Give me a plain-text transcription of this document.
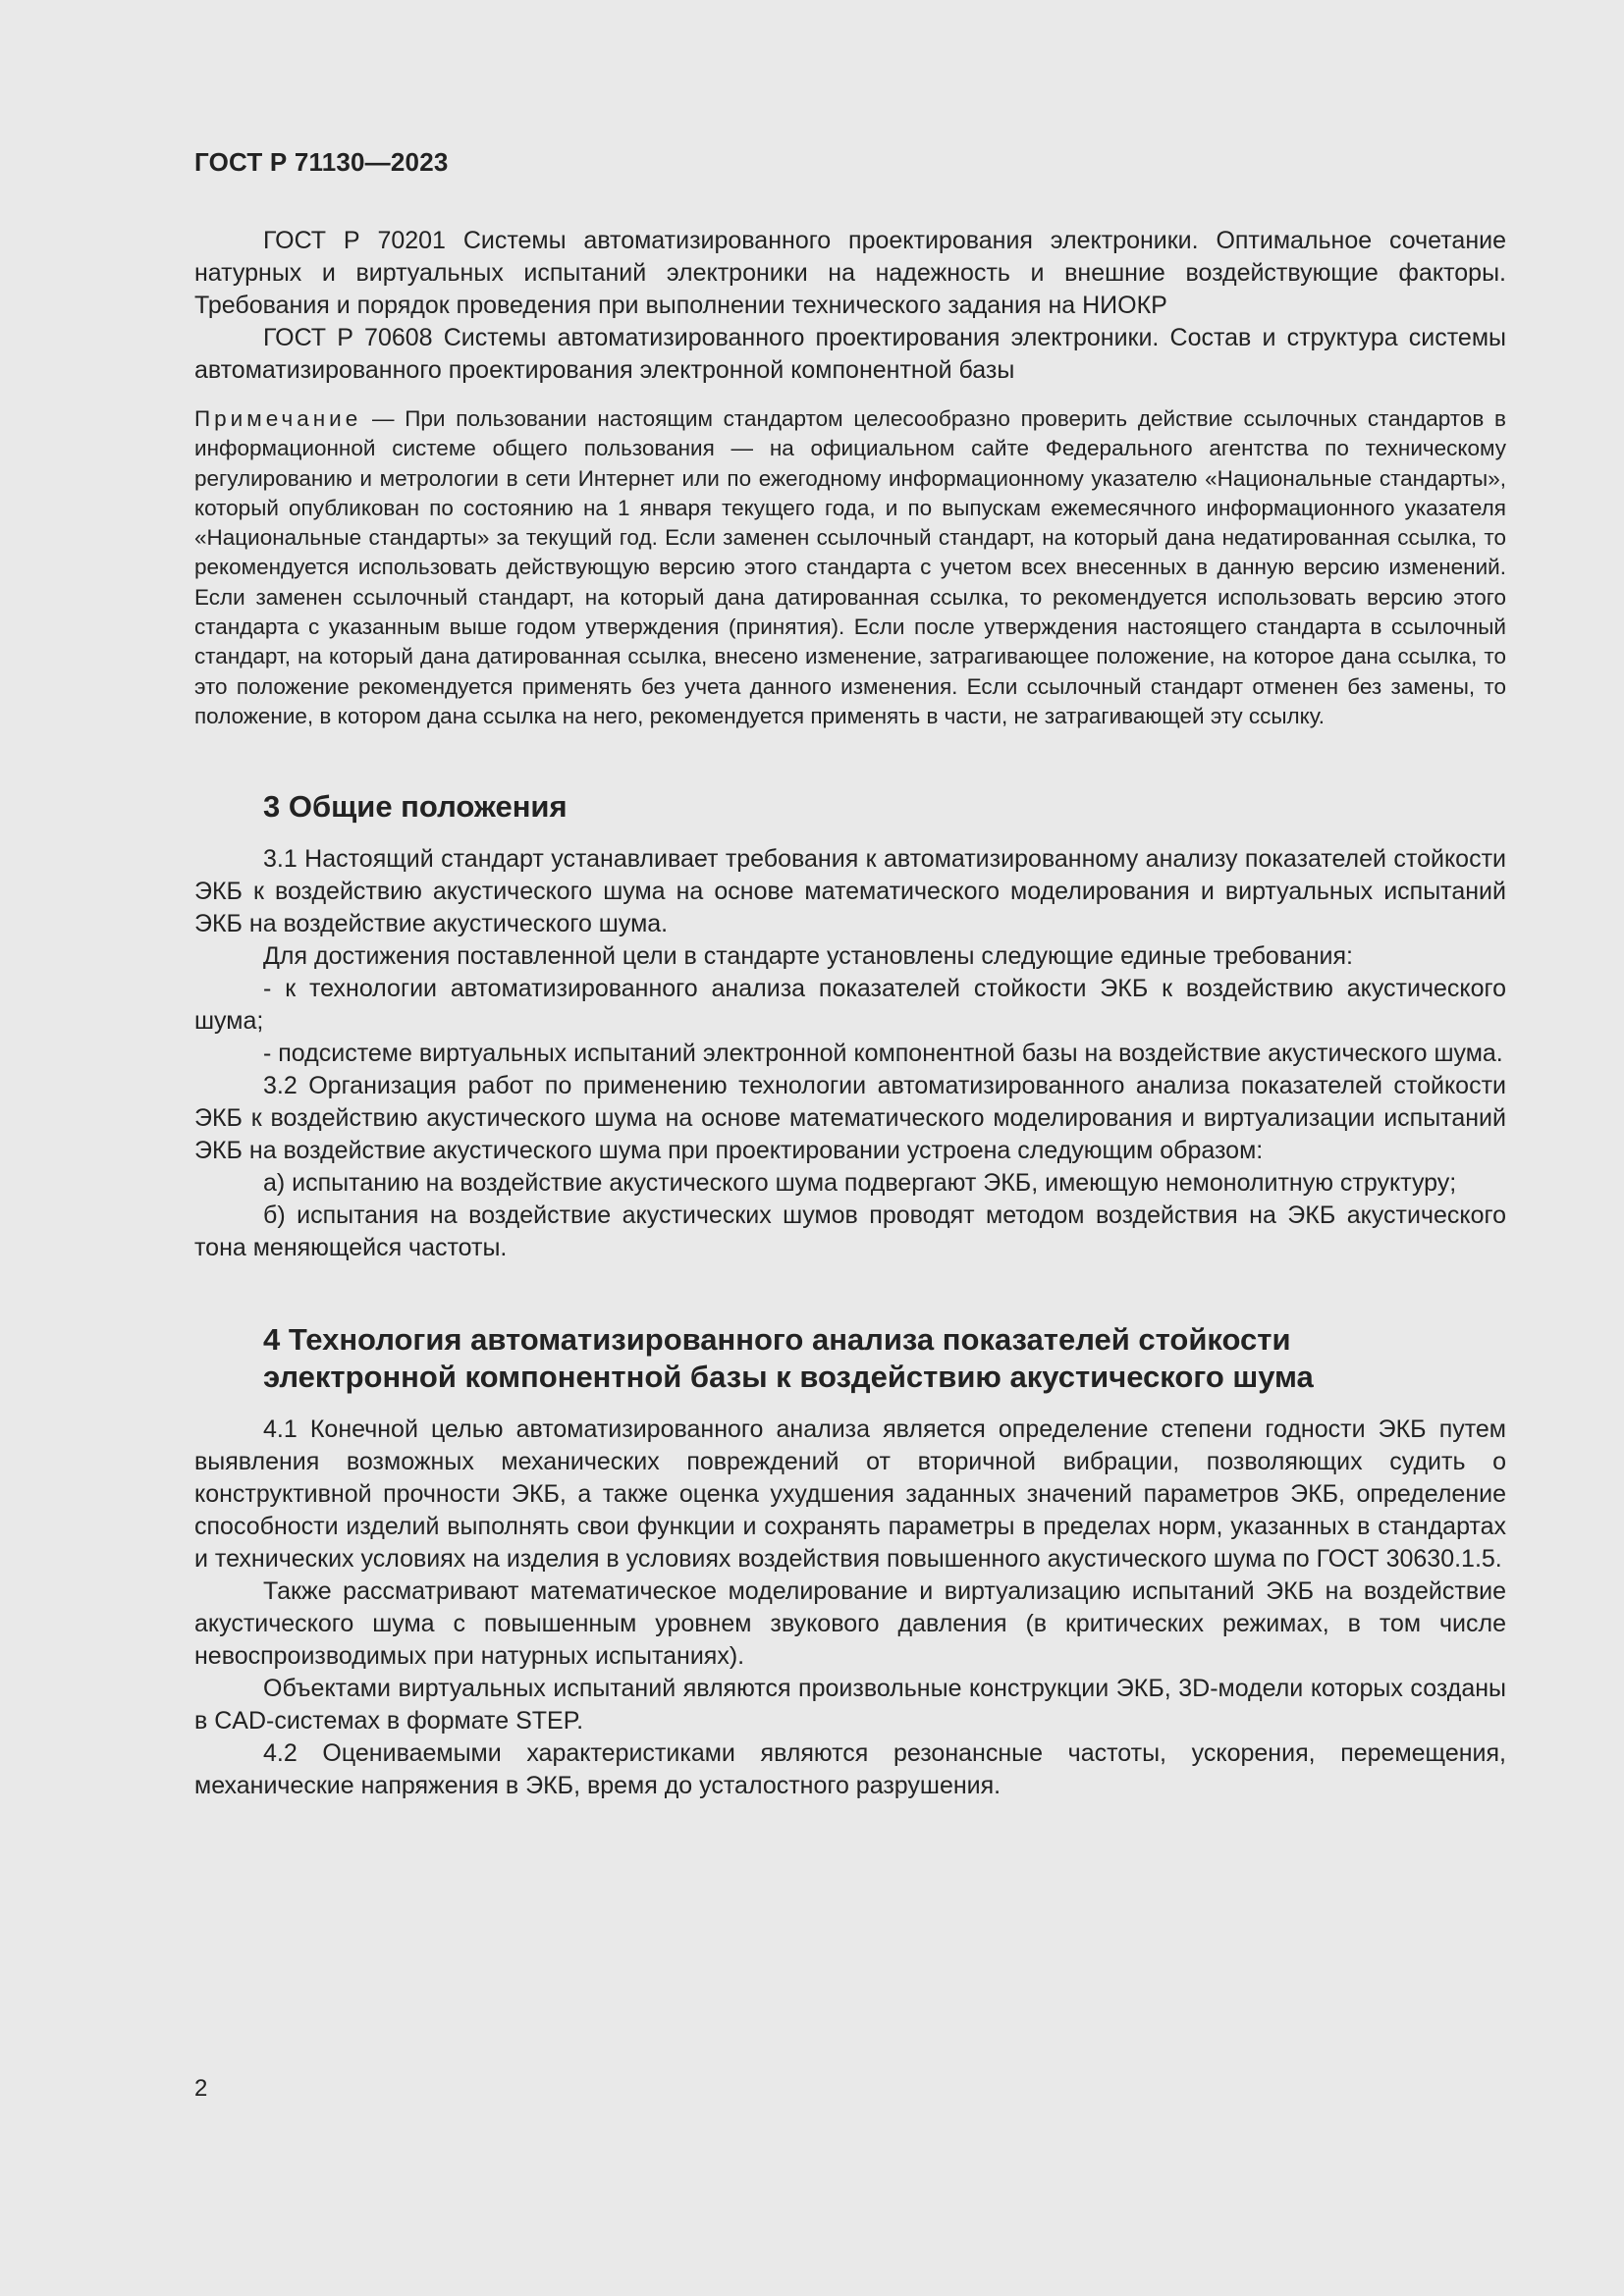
ГОСТ Р 71130—2023

ГОСТ Р 70201 Системы автоматизированного проектирования электроники. Оптимальное сочетание натурных и виртуальных испытаний электроники на надежность и внешние воздействующие факторы. Требования и порядок проведения при выполнении технического задания на НИОКР

ГОСТ Р 70608 Системы автоматизированного проектирования электроники. Состав и структура системы автоматизированного проектирования электронной компонентной базы

Примечание — При пользовании настоящим стандартом целесообразно проверить действие ссылочных стандартов в информационной системе общего пользования — на официальном сайте Федерального агентства по техническому регулированию и метрологии в сети Интернет или по ежегодному информационному указателю «Национальные стандарты», который опубликован по состоянию на 1 января текущего года, и по выпускам ежемесячного информационного указателя «Национальные стандарты» за текущий год. Если заменен ссылочный стандарт, на который дана недатированная ссылка, то рекомендуется использовать действующую версию этого стандарта с учетом всех внесенных в данную версию изменений. Если заменен ссылочный стандарт, на который дана датированная ссылка, то рекомендуется использовать версию этого стандарта с указанным выше годом утверждения (принятия). Если после утверждения настоящего стандарта в ссылочный стандарт, на который дана датированная ссылка, внесено изменение, затрагивающее положение, на которое дана ссылка, то это положение рекомендуется применять без учета данного изменения. Если ссылочный стандарт отменен без замены, то положение, в котором дана ссылка на него, рекомендуется применять в части, не затрагивающей эту ссылку.
3 Общие положения

3.1 Настоящий стандарт устанавливает требования к автоматизированному анализу показателей стойкости ЭКБ к воздействию акустического шума на основе математического моделирования и виртуальных испытаний ЭКБ на воздействие акустического шума.

Для достижения поставленной цели в стандарте установлены следующие единые требования:

- к технологии автоматизированного анализа показателей стойкости ЭКБ к воздействию акустического шума;

- подсистеме виртуальных испытаний электронной компонентной базы на воздействие акустического шума.

3.2 Организация работ по применению технологии автоматизированного анализа показателей стойкости ЭКБ к воздействию акустического шума на основе математического моделирования и виртуализации испытаний ЭКБ на воздействие акустического шума при проектировании устроена следующим образом:

а) испытанию на воздействие акустического шума подвергают ЭКБ, имеющую немонолитную структуру;

б) испытания на воздействие акустических шумов проводят методом воздействия на ЭКБ акустического тона меняющейся частоты.

4 Технология автоматизированного анализа показателей стойкости
электронной компонентной базы к воздействию акустического шума

4.1 Конечной целью автоматизированного анализа является определение степени годности ЭКБ путем выявления возможных механических повреждений от вторичной вибрации, позволяющих судить о конструктивной прочности ЭКБ, а также оценка ухудшения заданных значений параметров ЭКБ, определение способности изделий выполнять свои функции и сохранять параметры в пределах норм, указанных в стандартах и технических условиях на изделия в условиях воздействия повышенного акустического шума по ГОСТ 30630.1.5.

Также рассматривают математическое моделирование и виртуализацию испытаний ЭКБ на воздействие акустического шума с повышенным уровнем звукового давления (в критических режимах, в том числе невоспроизводимых при натурных испытаниях).

Объектами виртуальных испытаний являются произвольные конструкции ЭКБ, 3D-модели которых созданы в CAD-системах в формате STEP.

4.2 Оцениваемыми характеристиками являются резонансные частоты, ускорения, перемещения, механические напряжения в ЭКБ, время до усталостного разрушения.

2
